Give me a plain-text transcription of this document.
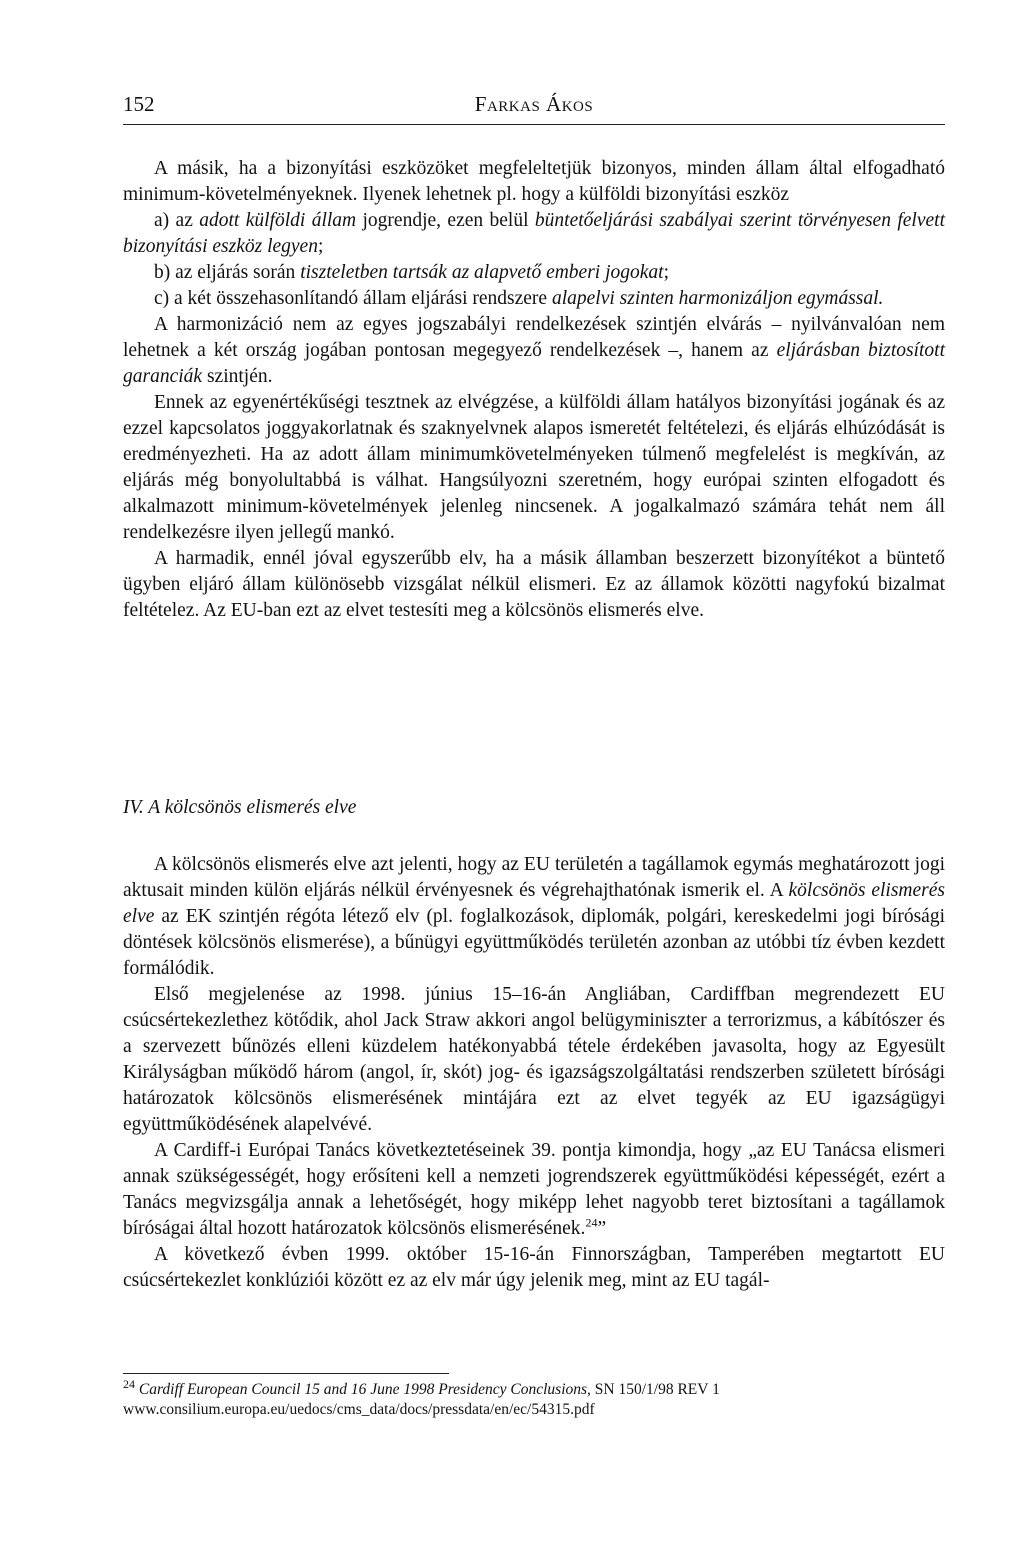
152	Farkas Ákos

A másik, ha a bizonyítási eszközöket megfeleltetjük bizonyos, minden állam által elfogadható minimum-követelményeknek. Ilyenek lehetnek pl. hogy a külföldi bizonyítási eszköz

a) az adott külföldi állam jogrendje, ezen belül büntetőeljárási szabályai szerint törvényesen felvett bizonyítási eszköz legyen;

b) az eljárás során tiszteletben tartsák az alapvető emberi jogokat;

c) a két összehasonlítandó állam eljárási rendszere alapelvi szinten harmonizáljon egymással.

A harmonizáció nem az egyes jogszabályi rendelkezések szintjén elvárás – nyilvánvalóan nem lehetnek a két ország jogában pontosan megegyező rendelkezések –, hanem az eljárásban biztosított garanciák szintjén.

Ennek az egyenértékűségi tesztnek az elvégzése, a külföldi állam hatályos bizonyítási jogának és az ezzel kapcsolatos joggyakorlatnak és szaknyelvnek alapos ismeretét feltételezi, és eljárás elhúzódását is eredményezheti. Ha az adott állam minimumkövetelményeken túlmenő megfelelést is megkíván, az eljárás még bonyolultabbá is válhat. Hangsúlyozni szeretném, hogy európai szinten elfogadott és alkalmazott minimum-követelmények jelenleg nincsenek. A jogalkalmazó számára tehát nem áll rendelkezésre ilyen jellegű mankó.

A harmadik, ennél jóval egyszerűbb elv, ha a másik államban beszerzett bizonyítékot a büntető ügyben eljáró állam különösebb vizsgálat nélkül elismeri. Ez az államok közötti nagyfokú bizalmat feltételez. Az EU-ban ezt az elvet testesíti meg a kölcsönös elismerés elve.

IV. A kölcsönös elismerés elve

A kölcsönös elismerés elve azt jelenti, hogy az EU területén a tagállamok egymás meghatározott jogi aktusait minden külön eljárás nélkül érvényesnek és végrehajthatónak ismerik el. A kölcsönös elismerés elve az EK szintjén régóta létező elv (pl. foglalkozások, diplomák, polgári, kereskedelmi jogi bírósági döntések kölcsönös elismerése), a bűnügyi együttműködés területén azonban az utóbbi tíz évben kezdett formálódik.

Első megjelenése az 1998. június 15–16-án Angliában, Cardiffban megrendezett EU csúcsértekezlethez kötődik, ahol Jack Straw akkori angol belügyminiszter a terrorizmus, a kábítószer és a szervezett bűnözés elleni küzdelem hatékonyabbá tétele érdekében javasolta, hogy az Egyesült Királyságban működő három (angol, ír, skót) jog- és igazságszolgáltatási rendszerben született bírósági határozatok kölcsönös elismerésének mintájára ezt az elvet tegyék az EU igazságügyi együttműködésének alapelvévé.

A Cardiff-i Európai Tanács következtetéseinek 39. pontja kimondja, hogy „az EU Tanácsa elismeri annak szükségességét, hogy erősíteni kell a nemzeti jogrendszerek együttműködési képességét, ezért a Tanács megvizsgálja annak a lehetőségét, hogy miképp lehet nagyobb teret biztosítani a tagállamok bíróságai által hozott határozatok kölcsönös elismerésének.$^{24}$”

A következő évben 1999. október 15-16-án Finnországban, Tamperében megtartott EU csúcsértekezlet konklúziói között ez az elv már úgy jelenik meg, mint az EU tagál-

$^{24}$ Cardiff European Council 15 and 16 June 1998 Presidency Conclusions, SN 150/1/98 REV 1
www.consilium.europa.eu/uedocs/cms_data/docs/pressdata/en/ec/54315.pdf
